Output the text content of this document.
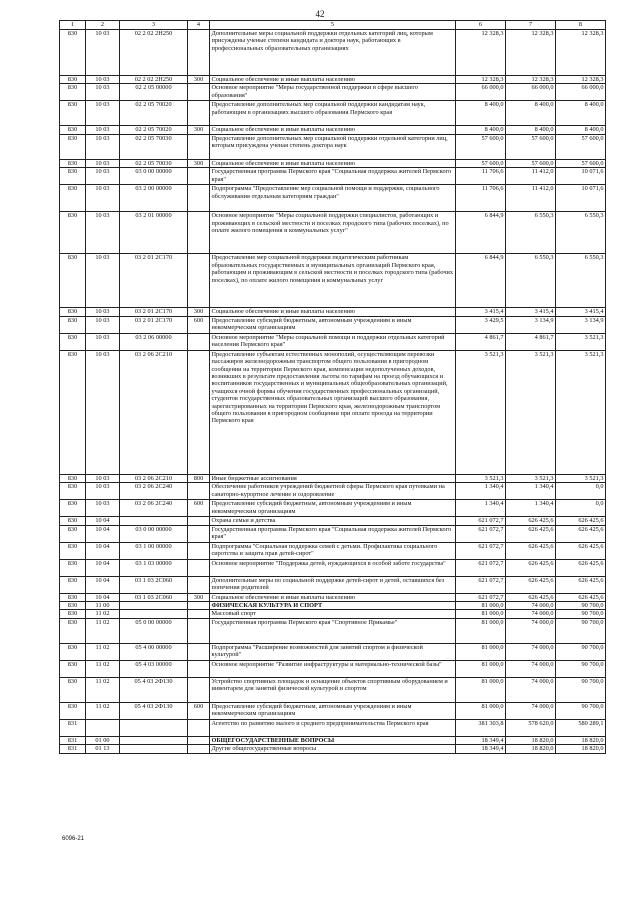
42
1	2	3	4	5	6	7	8
830	10 03	02 2 02 2Н250		Дополнительные меры социальной поддержки отдельных категорий лиц, которым присуждены ученые степени кандидата и доктора наук, работающих в профессиональных образовательных организациях	12 328,3	12 328,3	12 328,3
830	10 03	02 2 02 2Н250	300	Социальное обеспечение и иные выплаты населению	12 328,3	12 328,3	12 328,3
830	10 03	02 2 05 00000		Основное мероприятие "Меры государственной поддержки в сфере высшего образования"	66 000,0	66 000,0	66 000,0
830	10 03	02 2 05 70020		Предоставление дополнительных мер социальной поддержки кандидатам наук, работающим в организациях высшего образования Пермского края	8 400,0	8 400,0	8 400,0
830	10 03	02 2 05 70020	300	Социальное обеспечение и иные выплаты населению	8 400,0	8 400,0	8 400,0
830	10 03	02 2 05 70030		Предоставление дополнительных мер социальной поддержки отдельной категории лиц, которым присуждена ученая степень доктора наук	57 600,0	57 600,0	57 600,0
830	10 03	02 2 05 70030	300	Социальное обеспечение и иные выплаты населению	57 600,0	57 600,0	57 600,0
830	10 03	03 0 00 00000		Государственная программа Пермского края "Социальная поддержка жителей Пермского края"	11 706,6	11 412,0	10 071,6
830	10 03	03 2 00 00000		Подпрограмма "Предоставление мер социальной помощи и поддержки, социального обслуживания отдельным категориям граждан"	11 706,6	11 412,0	10 071,6
830	10 03	03 2 01 00000		Основное мероприятие "Меры социальной поддержки специалистов, работающих и проживающих в сельской местности и поселках городского типа (рабочих поселках), по оплате жилого помещения и коммунальных услуг"	6 844,9	6 550,3	6 550,3
830	10 03	03 2 01 2С170		Предоставление мер социальной поддержки педагогическим работникам образовательных государственных и муниципальных организаций Пермского края, работающим и проживающим в сельской местности и поселках городского типа (рабочих поселках), по оплате жилого помещения и коммунальных услуг	6 844,9	6 550,3	6 550,3
830	10 03	03 2 01 2С170	300	Социальное обеспечение и иные выплаты населению	3 415,4	3 415,4	3 415,4
830	10 03	03 2 01 2С170	600	Предоставление субсидий бюджетным, автономным учреждениям и иным некоммерческим организациям	3 429,5	3 134,9	3 134,9
830	10 03	03 2 06 00000		Основное мероприятие "Меры социальной помощи и поддержки отдельных категорий населения Пермского края"	4 861,7	4 861,7	3 521,3
830	10 03	03 2 06 2С210		Предоставление субъектам естественных монополий, осуществляющим перевозки пассажиров железнодорожным транспортом общего пользования в пригородном сообщении на территории Пермского края, компенсации недополученных доходов, возникших в результате предоставления льготы по тарифам на проезд обучающихся и воспитанников государственных и муниципальных общеобразовательных организаций, учащихся очной формы обучения государственных профессиональных организаций, студентов государственных образовательных организаций высшего образования, зарегистрированных на территории Пермского края, железнодорожным транспортом общего пользования в пригородном сообщении при оплате проезда на территории Пермского края	3 521,3	3 521,3	3 521,3
830	10 03	03 2 06 2С210	800	Иные бюджетные ассигнования	3 521,3	3 521,3	3 521,3
830	10 03	03 2 06 2С240		Обеспечение работников учреждений бюджетной сферы Пермского края путевками на санаторно-курортное лечение и оздоровление	1 340,4	1 340,4	0,0
830	10 03	03 2 06 2С240	600	Предоставление субсидий бюджетным, автономным учреждениям и иным некоммерческим организациям	1 340,4	1 340,4	0,0
830	10 04			Охрана семьи и детства	621 072,7	626 425,6	626 425,6
830	10 04	03 0 00 00000		Государственная программа Пермского края "Социальная поддержка жителей Пермского края"	621 072,7	626 425,6	626 425,6
830	10 04	03 1 00 00000		Подпрограмма "Социальная поддержка семей с детьми. Профилактика социального сиротства и защита прав детей-сирот"	621 072,7	626 425,6	626 425,6
830	10 04	03 1 03 00000		Основное мероприятие "Поддержка детей, нуждающихся в особой заботе государства"	621 072,7	626 425,6	626 425,6
830	10 04	03 1 03 2С060		Дополнительные меры по социальной поддержке детей-сирот и детей, оставшихся без попечения родителей	621 072,7	626 425,6	626 425,6
830	10 04	03 1 03 2С060	300	Социальное обеспечение и иные выплаты населению	621 072,7	626 425,6	626 425,6
830	11 00			ФИЗИЧЕСКАЯ КУЛЬТУРА И СПОРТ	81 000,0	74 000,0	90 700,0
830	11 02			Массовый спорт	81 000,0	74 000,0	90 700,0
830	11 02	05 0 00 00000		Государственная программа Пермского края "Спортивное Прикамье"	81 000,0	74 000,0	90 700,0
830	11 02	05 4 00 00000		Подпрограмма "Расширение возможностей для занятий спортом и физической культурой"	81 000,0	74 000,0	90 700,0
830	11 02	05 4 03 00000		Основное мероприятие "Развитие инфраструктуры и материально-технической базы"	81 000,0	74 000,0	90 700,0
830	11 02	05 4 03 2Ф130		Устройство спортивных площадок и оснащение объектов спортивным оборудованием и инвентарем для занятий физической культурой и спортом	81 000,0	74 000,0	90 700,0
830	11 02	05 4 03 2Ф130	600	Предоставление субсидий бюджетным, автономным учреждениям и иным некоммерческим организациям	81 000,0	74 000,0	90 700,0
831				Агентство по развитию малого и среднего предпринимательства Пермского края	381 303,8	578 620,0	580 289,1
831	01 00			ОБЩЕГОСУДАРСТВЕННЫЕ ВОПРОСЫ	18 349,4	18 820,0	18 820,0
831	01 13			Другие общегосударственные вопросы	18 349,4	18 820,0	18 820,0
6096-21
